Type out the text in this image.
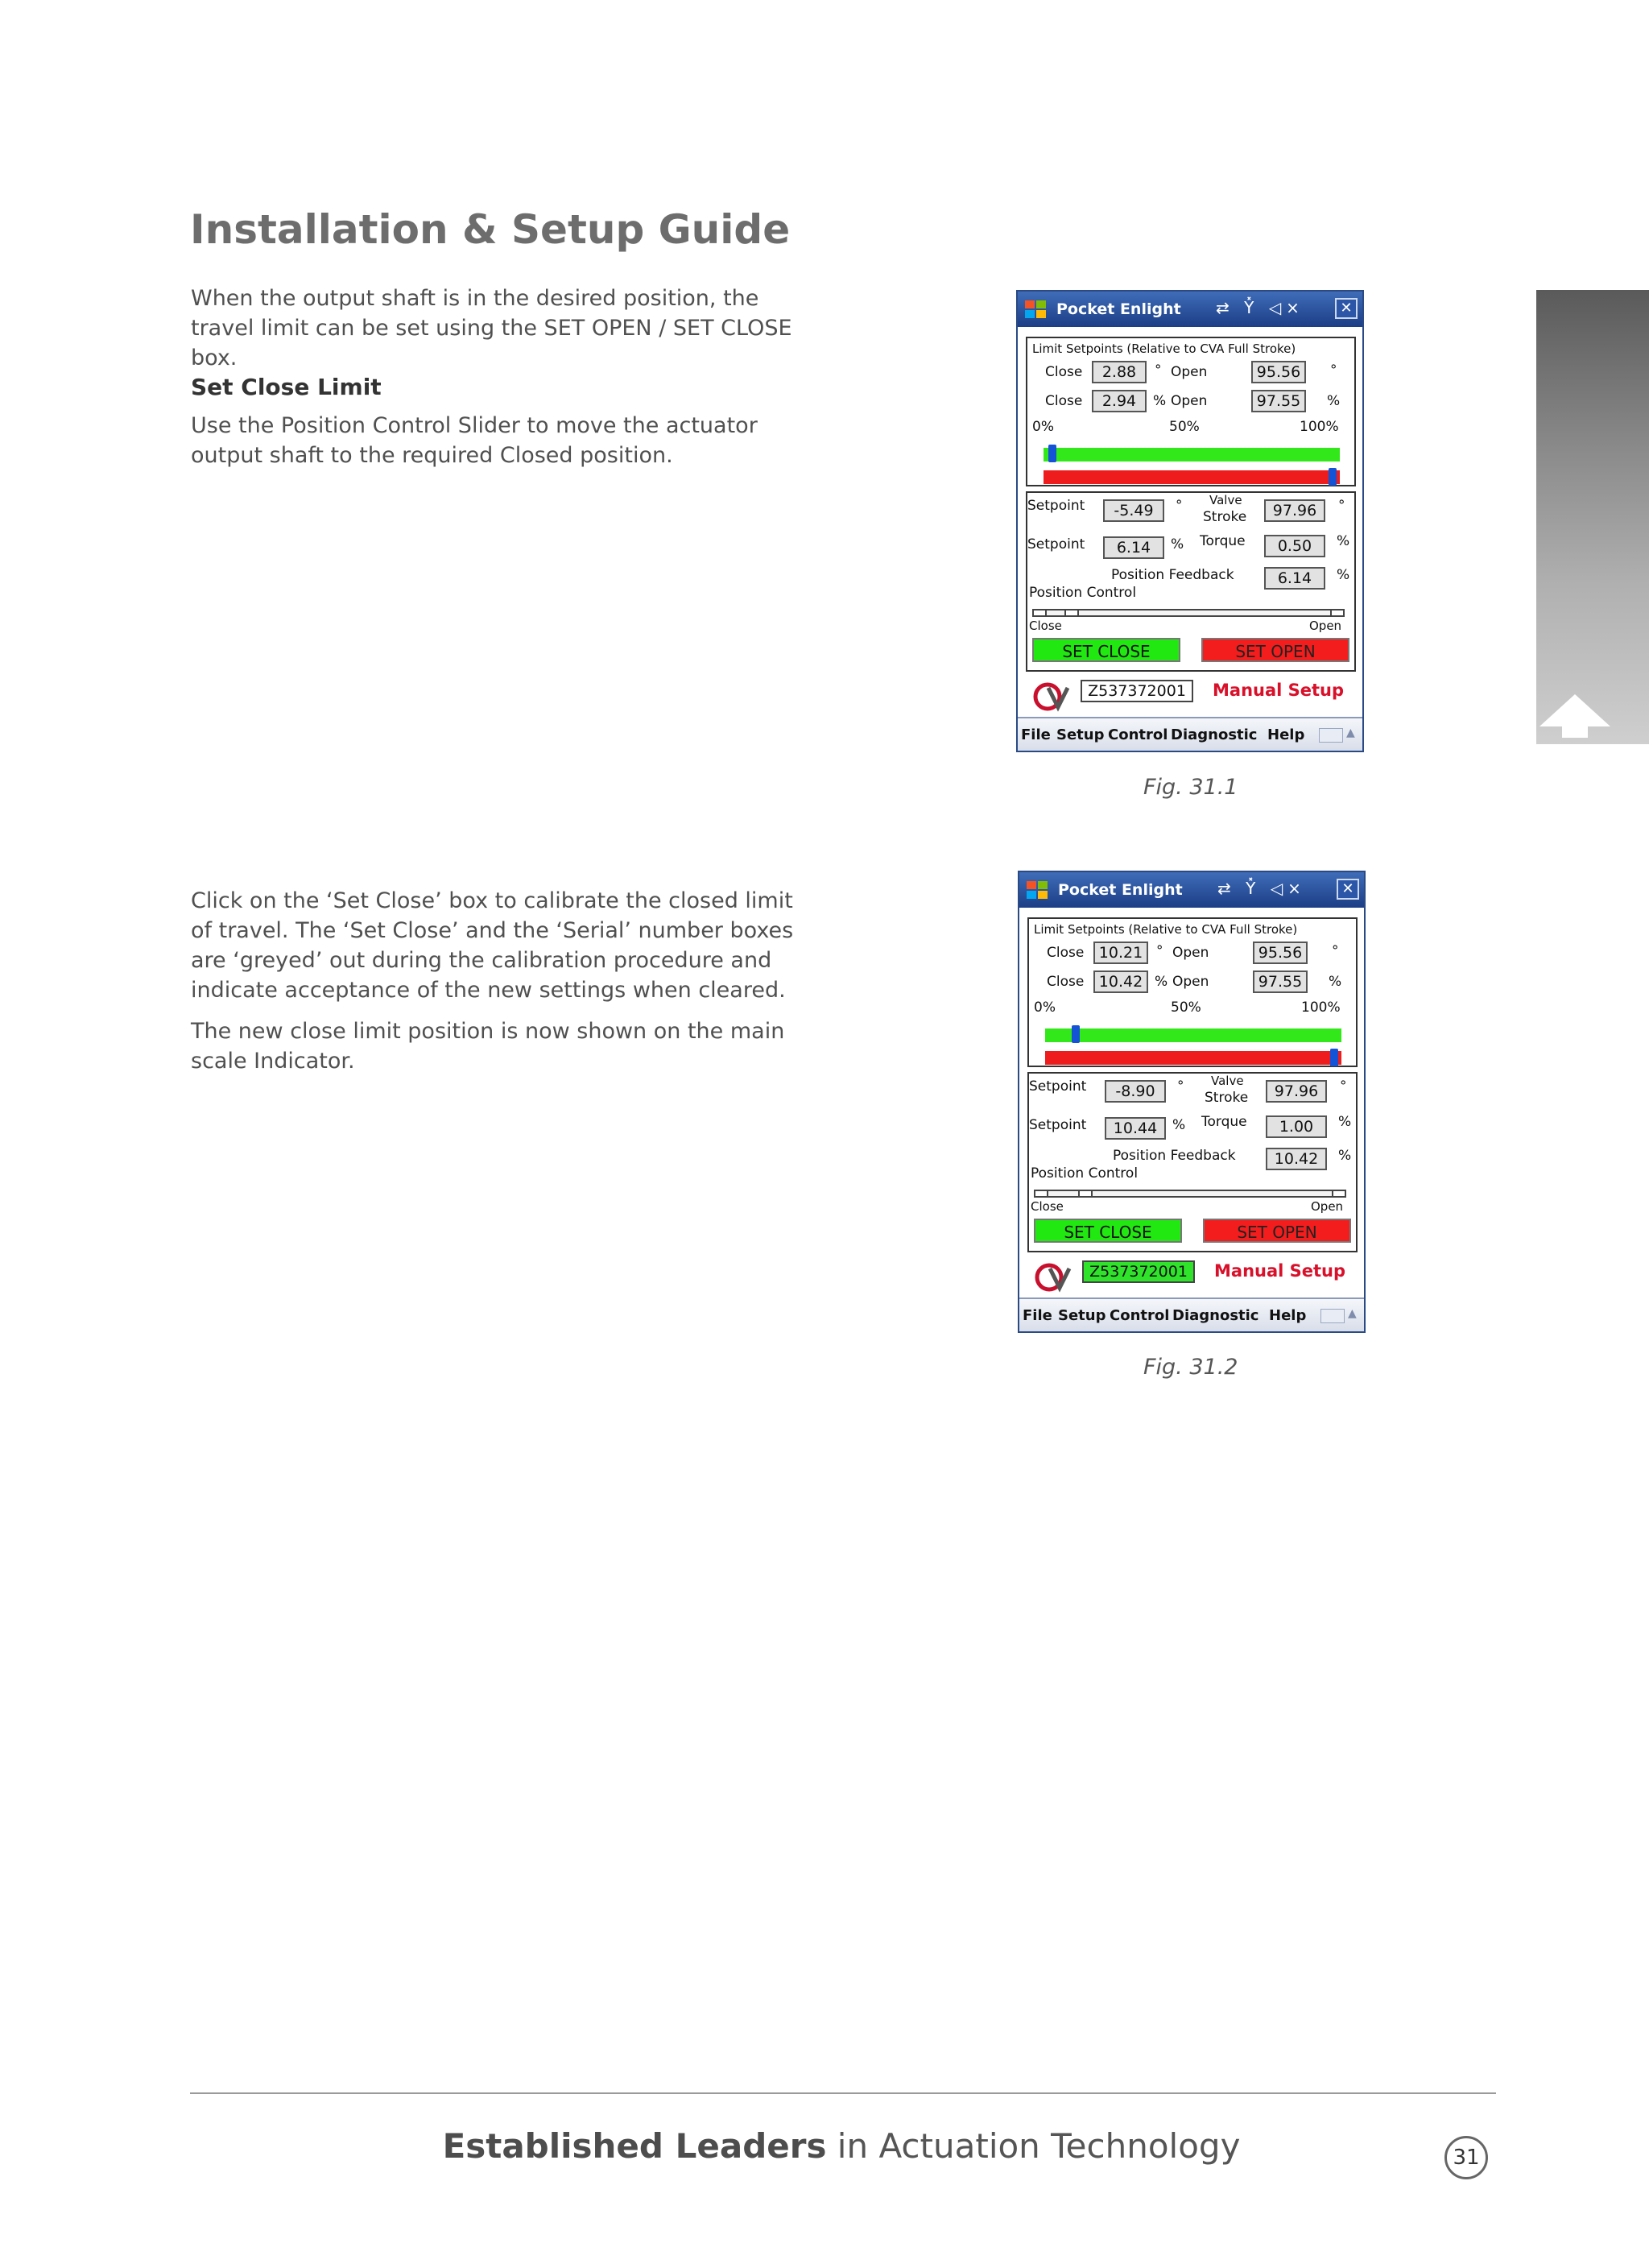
Installation & Setup Guide

When the output shaft is in the desired position, the travel limit can be set using the SET OPEN / SET CLOSE box.

Set Close Limit

Use the Position Control Slider to move the actuator output shaft to the required Closed position.

Click on the ‘Set Close’ box to calibrate the closed limit of travel. The ‘Set Close’ and the ‘Serial’ number boxes are ‘greyed’ out during the calibration procedure and indicate acceptance of the new settings when cleared.

The new close limit position is now shown on the main scale Indicator.

Fig. 31.1
Fig. 31.2
Pocket Enlight ⇄ Y̽ ◁×	✕
Limit Setpoints (Relative to CVA Full Stroke)
Close	2.88	° Open	95.56	°
Close	2.94	% Open	97.55	%
0%	50%	100%
Setpoint	-5.49	° Valve
Stroke	97.96	°
Setpoint	6.14	% Torque	0.50	%
Position Feedback	6.14	%
Position Control
Close	Open
SET CLOSE	SET OPEN
Z537372001	Manual Setup
File Setup Control Diagnostic Help	▲
Pocket Enlight ⇄ Y̽ ◁×	✕
Limit Setpoints (Relative to CVA Full Stroke)
Close 10.21 ° Open	95.56	°
Close 10.42 % Open	97.55	%
0%	50%	100%
Setpoint	-8.90	° Valve
Stroke	97.96	°
Setpoint	10.44	% Torque	1.00	%
Position Feedback	10.42	%
Position Control
Close	Open
SET CLOSE	SET OPEN
Z537372001	Manual Setup
File Setup Control Diagnostic Help	▲
Established Leaders in Actuation Technology	31
